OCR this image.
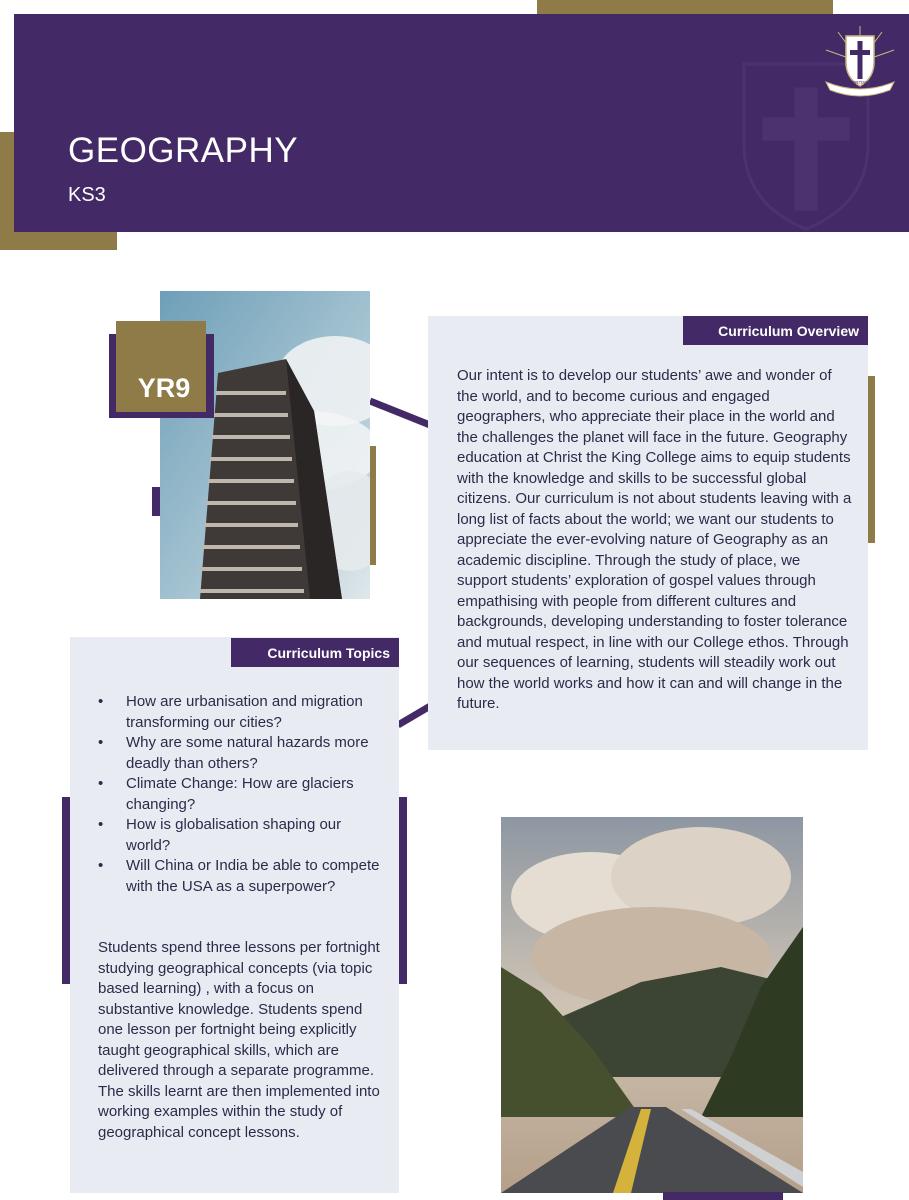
GEOGRAPHY
KS3
VIA · VERITAS · VITA
YR9
Curriculum Overview
Our intent is to develop our students’ awe and wonder of the world, and to become curious and engaged geographers, who appreciate their place in the world and the challenges the planet will face in the future. Geography education at Christ the King College aims to equip students with the knowledge and skills to be successful global citizens. Our curriculum is not about students leaving with a long list of facts about the world; we want our students to appreciate the ever-evolving nature of Geography as an academic discipline. Through the study of place, we support students’ exploration of gospel values through empathising with people from different cultures and backgrounds, developing understanding to foster tolerance and mutual respect, in line with our College ethos. Through our sequences of learning, students will steadily work out how the world works and how it can and will change in the future.
Curriculum Topics
• How are urbanisation and migration transforming our cities?
• Why are some natural hazards more deadly than others?
• Climate Change: How are glaciers changing?
• How is globalisation shaping our world?
• Will China or India be able to compete with the USA as a superpower?
Students spend three lessons per fortnight studying geographical concepts (via topic based learning) , with a focus on substantive knowledge. Students spend one lesson per fortnight being explicitly taught geographical skills, which are delivered through a separate programme. The skills learnt are then implemented into working examples within the study of geographical concept lessons.
